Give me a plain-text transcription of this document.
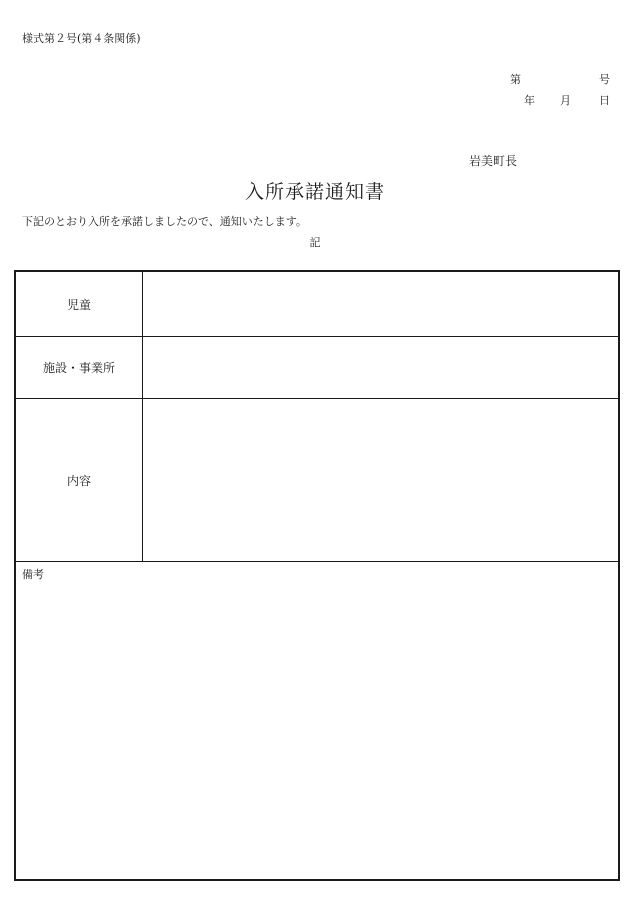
様式第２号(第４条関係)
第	号
年 月	日
岩美町長
入所承諾通知書
下記のとおり入所を承諾しましたので、通知いたします。
記
児童
施設・事業所
内容
備考
